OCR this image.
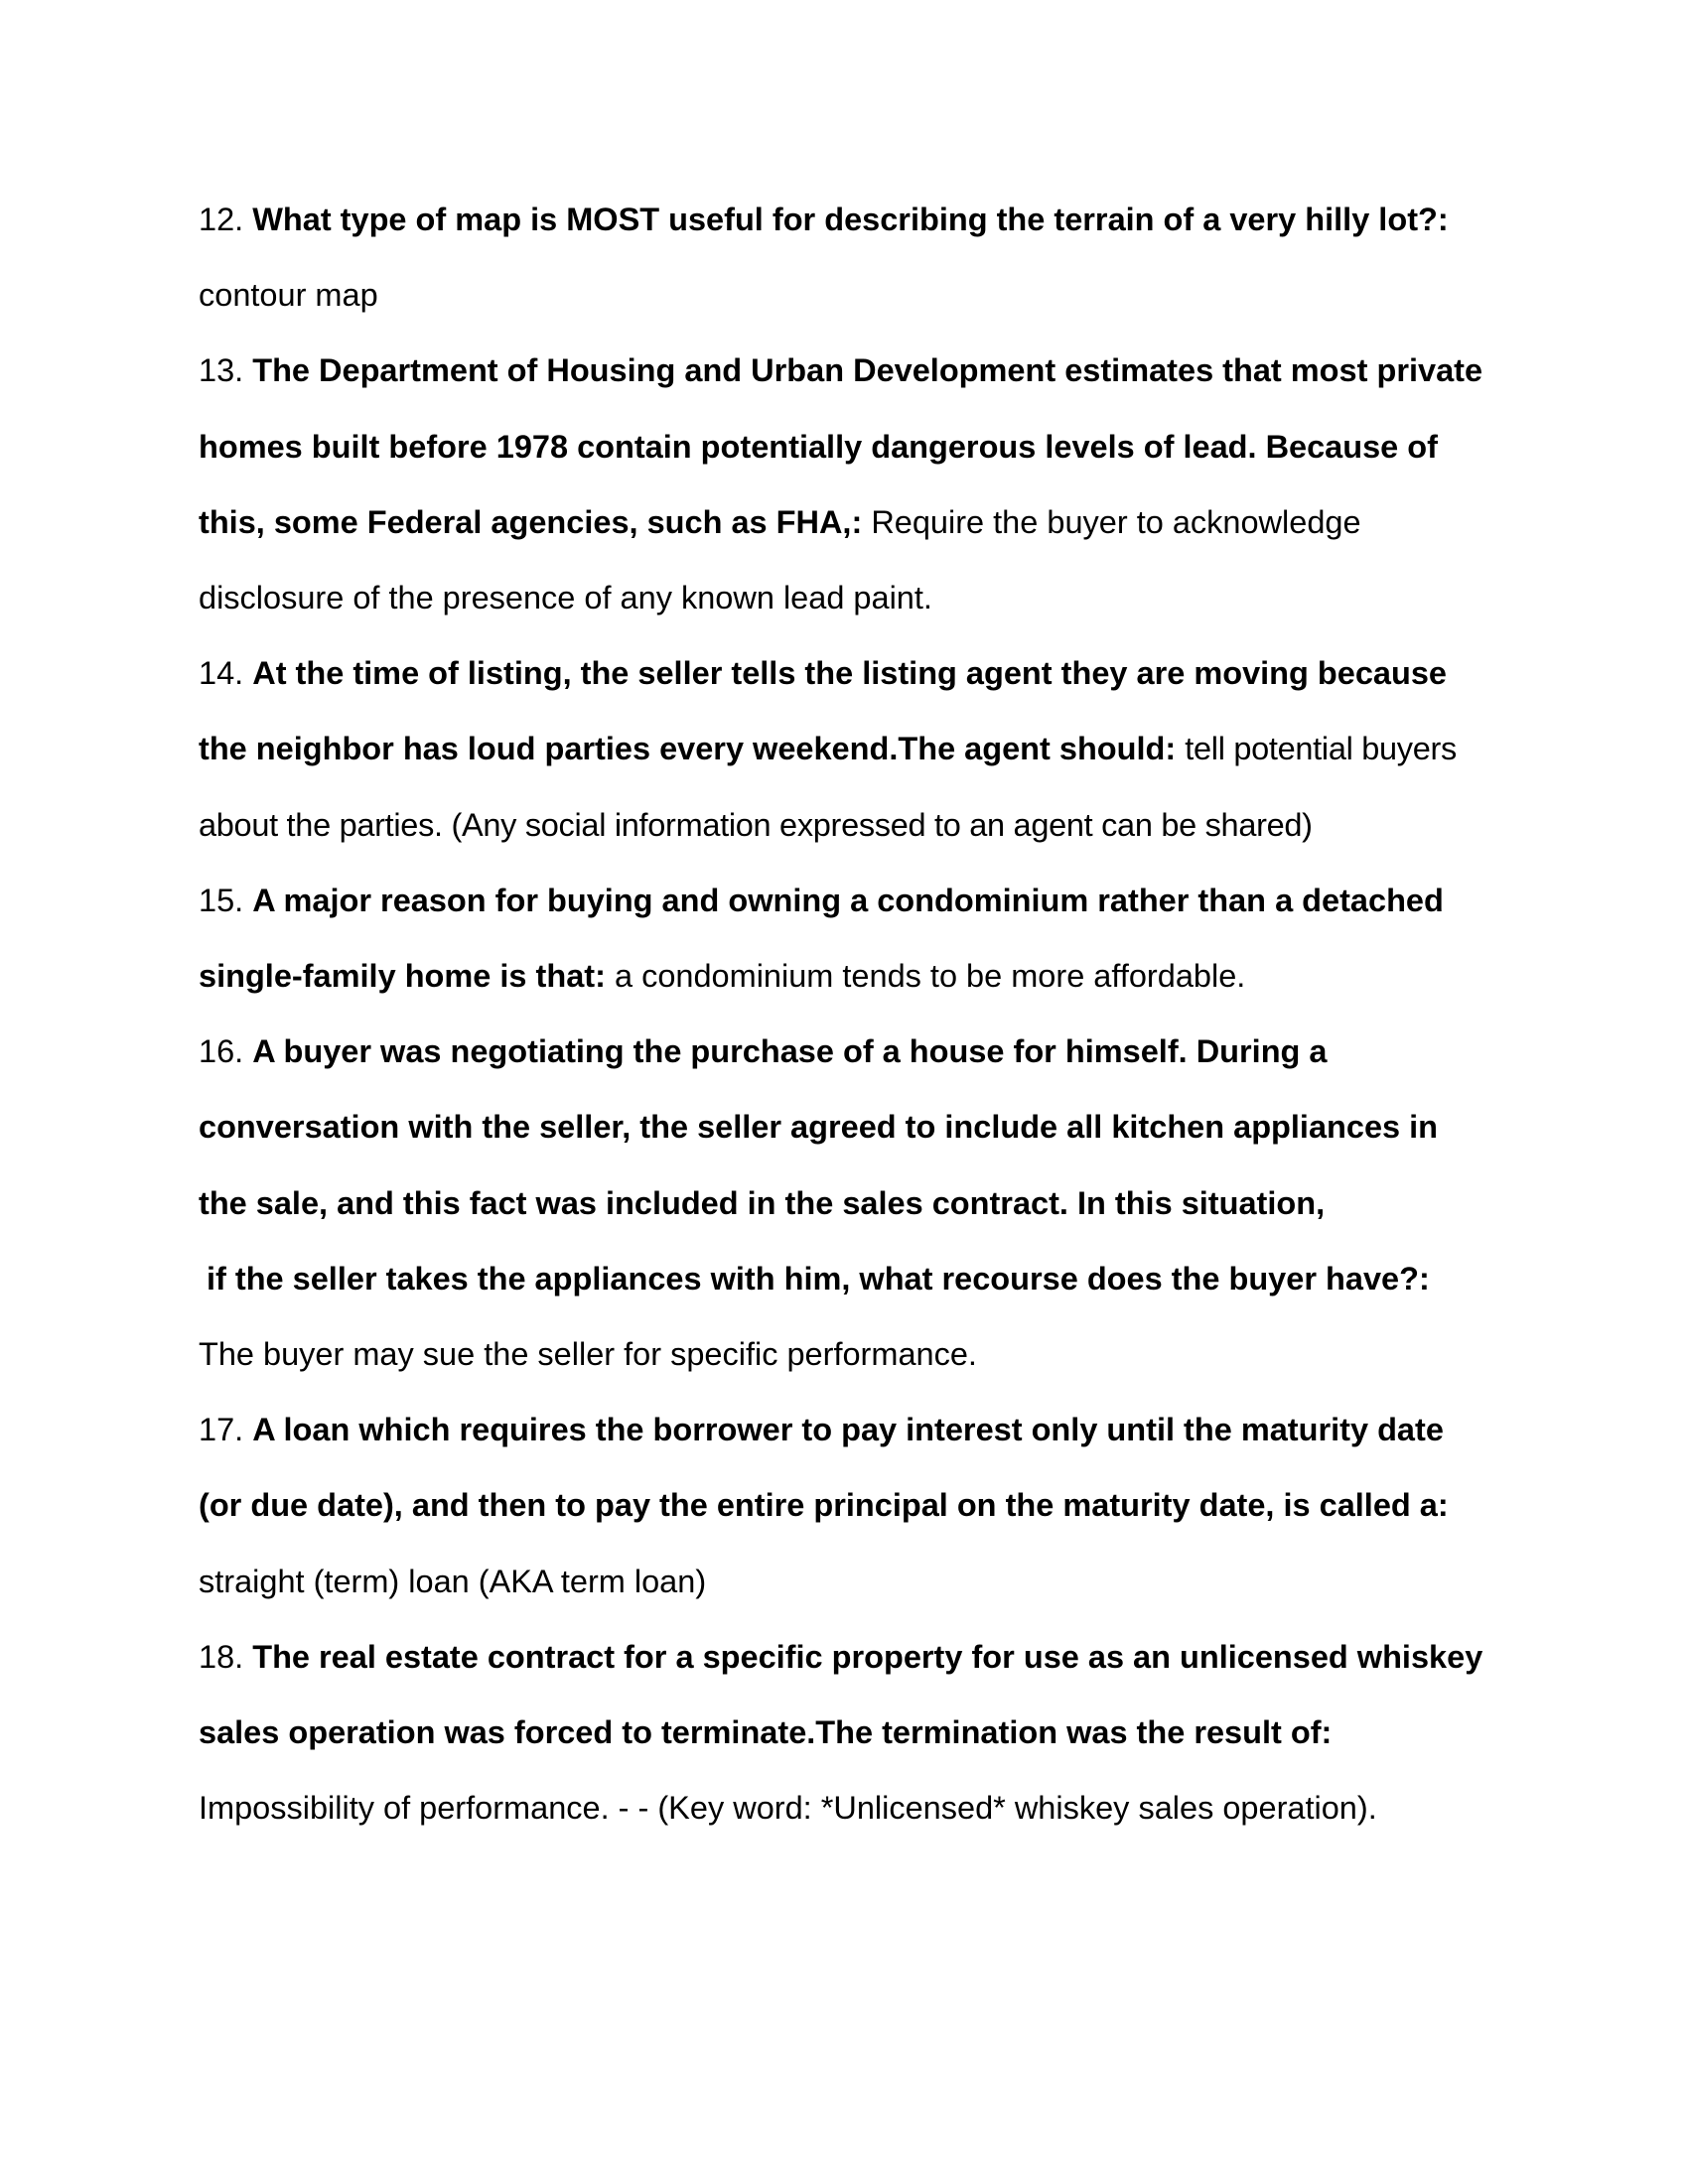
12. What type of map is MOST useful for describing the terrain of a very hilly lot?:
contour map

13. The Department of Housing and Urban Development estimates that most private homes built before 1978 contain potentially dangerous levels of lead. Because of this, some Federal agencies, such as FHA,: Require the buyer to acknowledge disclosure of the presence of any known lead paint.

14. At the time of listing, the seller tells the listing agent they are moving because the neighbor has loud parties every weekend.The agent should: tell potential buyers about the parties. (Any social information expressed to an agent can be shared)

15. A major reason for buying and owning a condominium rather than a detached single-family home is that: a condominium tends to be more affordable.

16. A buyer was negotiating the purchase of a house for himself. During a conversation with the seller, the seller agreed to include all kitchen appliances in the sale, and this fact was included in the sales contract. In this situation,
if the seller takes the appliances with him, what recourse does the buyer have?:
The buyer may sue the seller for specific performance.

17. A loan which requires the borrower to pay interest only until the maturity date (or due date), and then to pay the entire principal on the maturity date, is called a:
straight (term) loan (AKA term loan)

18. The real estate contract for a specific property for use as an unlicensed whiskey sales operation was forced to terminate.The termination was the result of: Impossibility of performance. - - (Key word: *Unlicensed* whiskey sales operation).
